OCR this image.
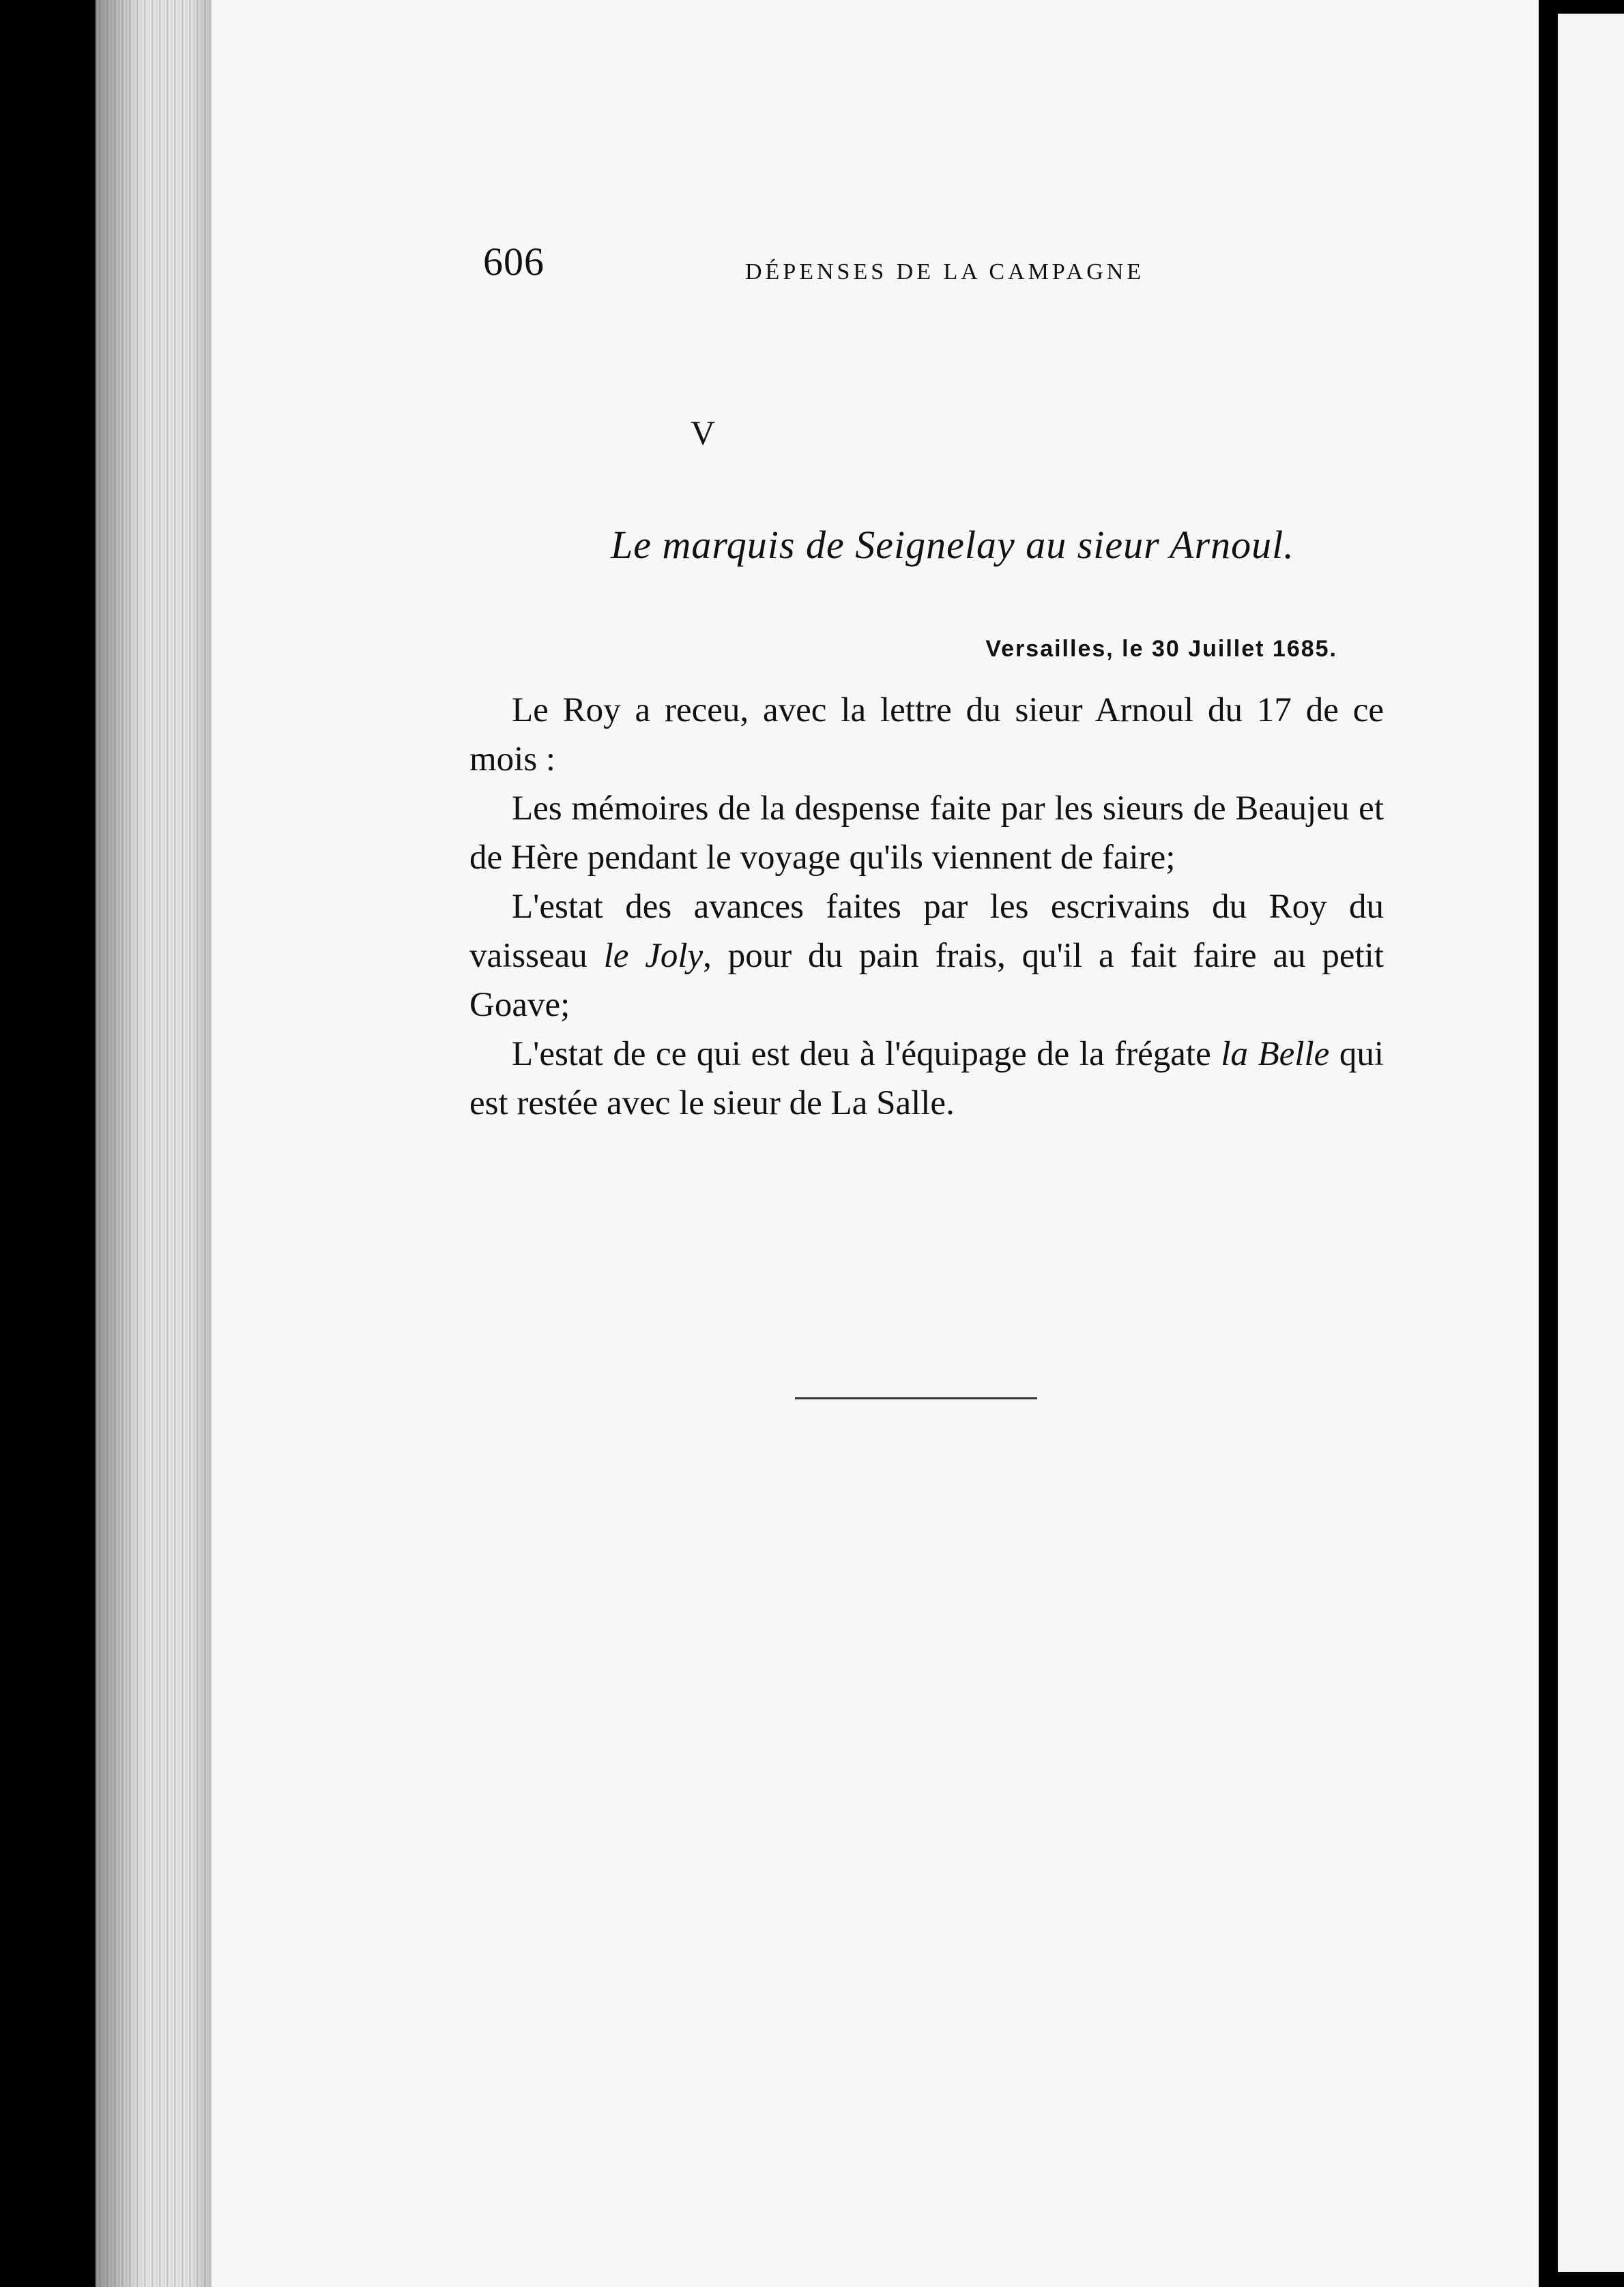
606	DÉPENSES DE LA CAMPAGNE
V
Le marquis de Seignelay au sieur Arnoul.
Versailles, le 30 Juillet 1685.

Le Roy a receu, avec la lettre du sieur Arnoul du 17 de ce mois :

Les mémoires de la despense faite par les sieurs de Beaujeu et de Hère pendant le voyage qu'ils viennent de faire;

L'estat des avances faites par les escrivains du Roy du vaisseau le Joly, pour du pain frais, qu'il a fait faire au petit Goave;

L'estat de ce qui est deu à l'équipage de la frégate la Belle qui est restée avec le sieur de La Salle.
